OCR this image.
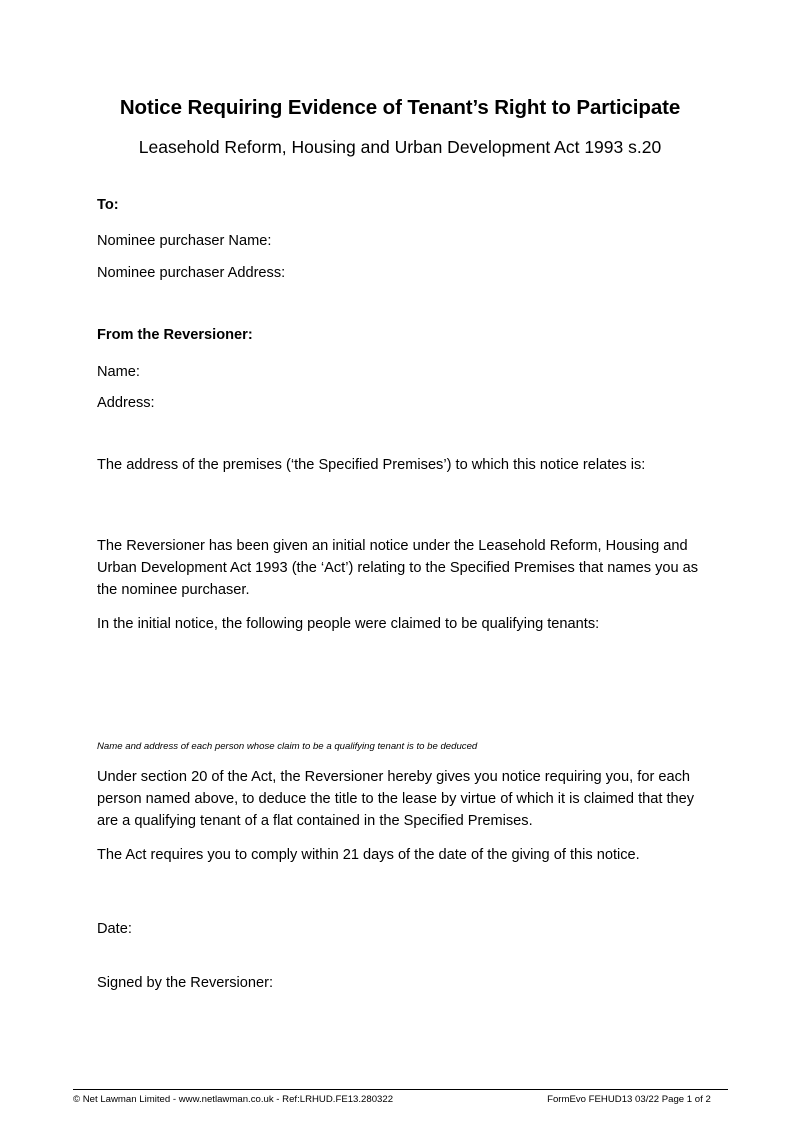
Notice Requiring Evidence of Tenant’s Right to Participate
Leasehold Reform, Housing and Urban Development Act 1993 s.20

To:

Nominee purchaser Name:

Nominee purchaser Address:

From the Reversioner:

Name:

Address:

The address of the premises (‘the Specified Premises’) to which this notice relates is:

The Reversioner has been given an initial notice under the Leasehold Reform, Housing and Urban Development Act 1993 (the ‘Act’) relating to the Specified Premises that names you as the nominee purchaser.

In the initial notice, the following people were claimed to be qualifying tenants:

Name and address of each person whose claim to be a qualifying tenant is to be deduced

Under section 20 of the Act, the Reversioner hereby gives you notice requiring you, for each person named above, to deduce the title to the lease by virtue of which it is claimed that they are a qualifying tenant of a flat contained in the Specified Premises.

The Act requires you to comply within 21 days of the date of the giving of this notice.

Date:

Signed by the Reversioner:

© Net Lawman Limited - www.netlawman.co.uk - Ref:LRHUD.FE13.280322	FormEvo FEHUD13 03/22 Page 1 of 2
